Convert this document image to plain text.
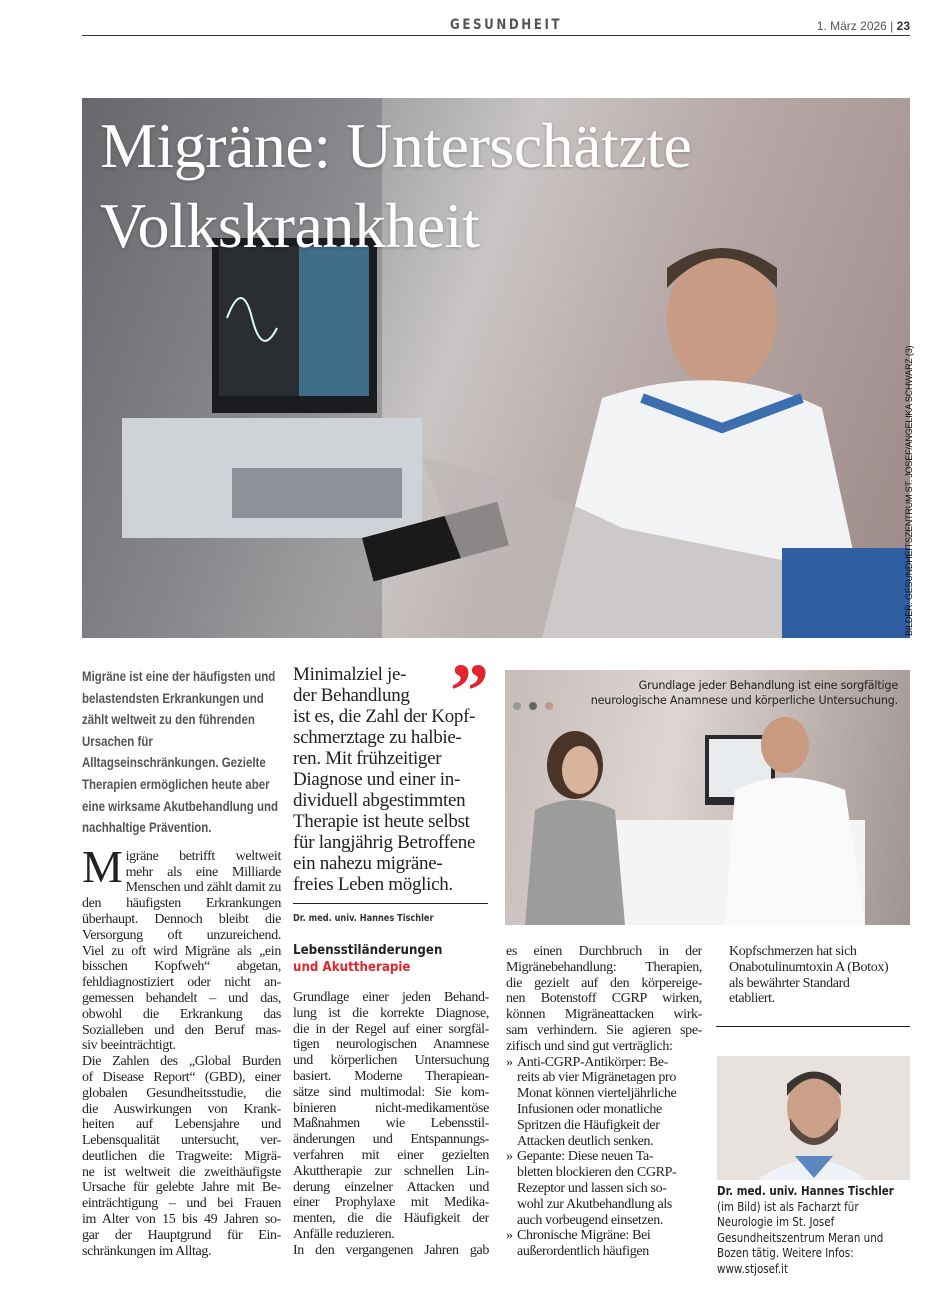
GESUNDHEIT	1. März 2026 | 23
Migräne: Unterschätzte
Volkskrankheit
BILDER: GESUNDHEITSZENTRUM ST. JOSEF/ANGELIKA SCHWARZ (3)
Migräne ist eine der häufigsten und belastendsten Erkrankungen und zählt weltweit zu den führenden Ursachen für Alltagseinschränkungen. Gezielte Therapien ermöglichen heute aber eine wirksame Akutbehandlung und nachhaltige Prävention.
M igräne betrifft weltweit
mehr als eine Milliarde
Menschen und zählt damit zu
den häufigsten Erkrankungen
überhaupt. Dennoch bleibt die
Versorgung oft unzureichend.
Viel zu oft wird Migräne als „ein
bisschen Kopfweh“ abgetan,
fehldiagnostiziert oder nicht an-
gemessen behandelt – und das,
obwohl die Erkrankung das
Sozialleben und den Beruf mas-
siv beeinträchtigt.
Die Zahlen des „Global Burden
of Disease Report“ (GBD), einer
globalen Gesundheitsstudie, die
die Auswirkungen von Krank-
heiten auf Lebensjahre und
Lebensqualität untersucht, ver-
deutlichen die Tragweite: Migrä-
ne ist weltweit die zweithäufigste
Ursache für gelebte Jahre mit Be-
einträchtigung – und bei Frauen
im Alter von 15 bis 49 Jahren so-
gar der Hauptgrund für Ein-
schränkungen im Alltag.
Minimalziel je-
der Behandlung
ist es, die Zahl der Kopf-
schmerztage zu halbie-
ren. Mit frühzeitiger
Diagnose und einer in-
dividuell abgestimmten
Therapie ist heute selbst
für langjährig Betroffene
ein nahezu migräne-
freies Leben möglich.
”
Dr. med. univ. Hannes Tischler
Lebensstiländerungen
und Akuttherapie
Grundlage einer jeden Behand-
lung ist die korrekte Diagnose,
die in der Regel auf einer sorgfäl-
tigen neurologischen Anamnese
und körperlichen Untersuchung
basiert. Moderne Therapiean-
sätze sind multimodal: Sie kom-
binieren nicht-medikamentöse
Maßnahmen wie Lebensstil-
änderungen und Entspannungs-
verfahren mit einer gezielten
Akuttherapie zur schnellen Lin-
derung einzelner Attacken und
einer Prophylaxe mit Medika-
menten, die die Häufigkeit der
Anfälle reduzieren.
In den vergangenen Jahren gab
es einen Durchbruch in der
Migränebehandlung: Therapien,
die gezielt auf den körpereige-
nen Botenstoff CGRP wirken,
können Migräneattacken wirk-
sam verhindern. Sie agieren spe-
zifisch und sind gut verträglich:
» Anti-CGRP-Antikörper: Be-
reits ab vier Migränetagen pro
Monat können vierteljährliche
Infusionen oder monatliche
Spritzen die Häufigkeit der
Attacken deutlich senken.
» Gepante: Diese neuen Ta-
bletten blockieren den CGRP-
Rezeptor und lassen sich so-
wohl zur Akutbehandlung als
auch vorbeugend einsetzen.
» Chronische Migräne: Bei
außerordentlich häufigen
Kopfschmerzen hat sich
Onabotulinumtoxin A (Botox)
als bewährter Standard
etabliert.
Grundlage jeder Behandlung ist eine sorgfältige neurologische Anamnese und körperliche Untersuchung.
Dr. med. univ. Hannes Tischler
(im Bild) ist als Facharzt für Neurologie im St. Josef Gesundheitszentrum Meran und Bozen tätig. Weitere Infos: www.stjosef.it
